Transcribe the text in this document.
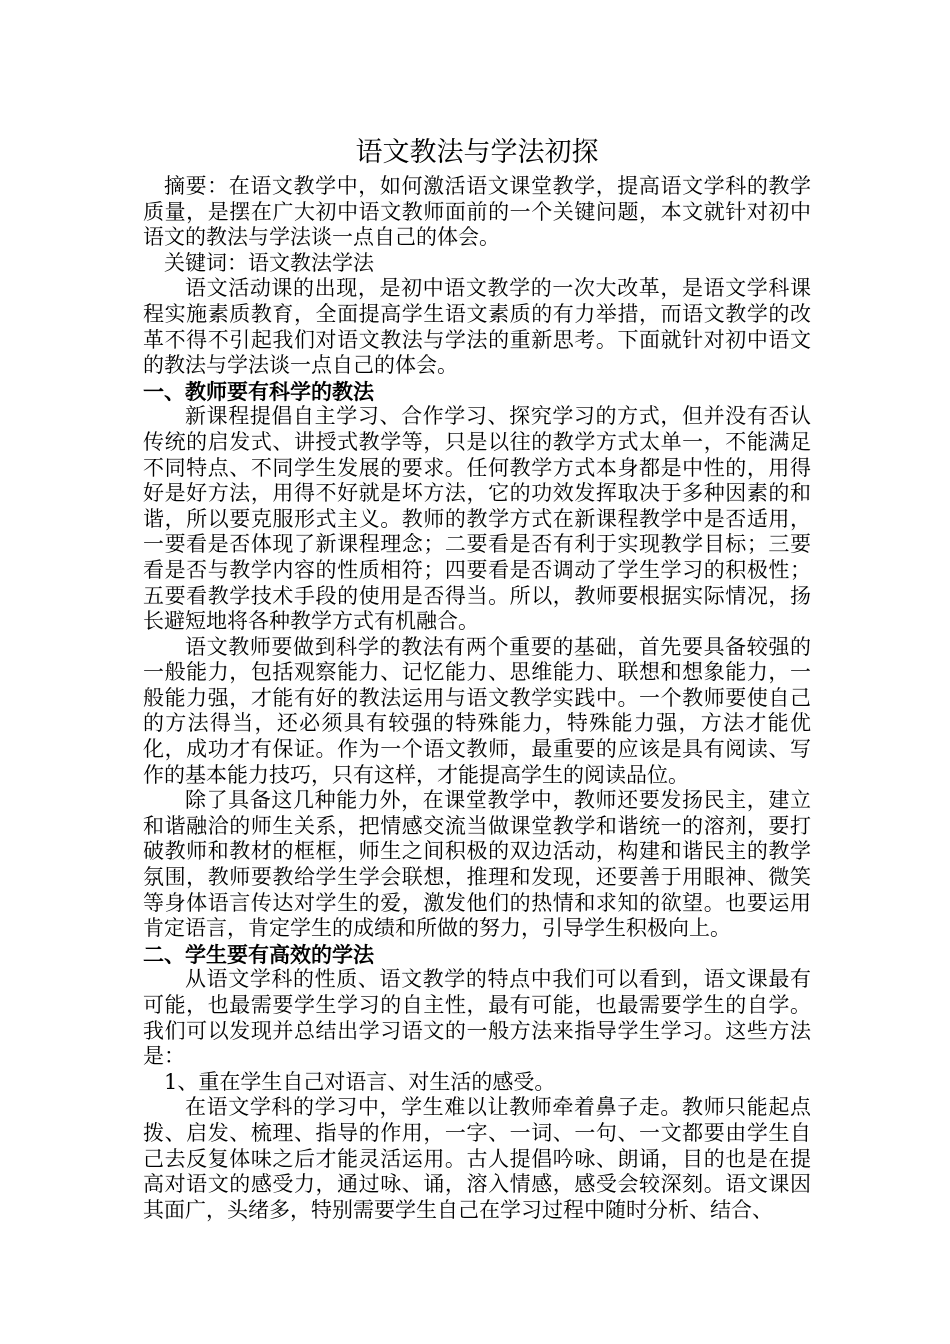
语文教法与学法初探

摘要：在语文教学中，如何激活语文课堂教学，提高语文学科的教学质量，是摆在广大初中语文教师面前的一个关键问题，本文就针对初中语文的教法与学法谈一点自己的体会。

关键词：语文教法学法

语文活动课的出现，是初中语文教学的一次大改革，是语文学科课程实施素质教育，全面提高学生语文素质的有力举措，而语文教学的改革不得不引起我们对语文教法与学法的重新思考。下面就针对初中语文的教法与学法谈一点自己的体会。

一、教师要有科学的教法

新课程提倡自主学习、合作学习、探究学习的方式，但并没有否认传统的启发式、讲授式教学等，只是以往的教学方式太单一，不能满足不同特点、不同学生发展的要求。任何教学方式本身都是中性的，用得好是好方法，用得不好就是坏方法，它的功效发挥取决于多种因素的和谐，所以要克服形式主义。教师的教学方式在新课程教学中是否适用，一要看是否体现了新课程理念；二要看是否有利于实现教学目标；三要看是否与教学内容的性质相符；四要看是否调动了学生学习的积极性；五要看教学技术手段的使用是否得当。所以，教师要根据实际情况，扬长避短地将各种教学方式有机融合。

语文教师要做到科学的教法有两个重要的基础，首先要具备较强的一般能力，包括观察能力、记忆能力、思维能力、联想和想象能力，一般能力强，才能有好的教法运用与语文教学实践中。一个教师要使自己的方法得当，还必须具有较强的特殊能力，特殊能力强，方法才能优化，成功才有保证。作为一个语文教师，最重要的应该是具有阅读、写作的基本能力技巧，只有这样，才能提高学生的阅读品位。

除了具备这几种能力外，在课堂教学中，教师还要发扬民主，建立和谐融洽的师生关系，把情感交流当做课堂教学和谐统一的溶剂，要打破教师和教材的框框，师生之间积极的双边活动，构建和谐民主的教学氛围，教师要教给学生学会联想，推理和发现，还要善于用眼神、微笑等身体语言传达对学生的爱，激发他们的热情和求知的欲望。也要运用肯定语言，肯定学生的成绩和所做的努力，引导学生积极向上。

二、学生要有高效的学法

从语文学科的性质、语文教学的特点中我们可以看到，语文课最有可能，也最需要学生学习的自主性，最有可能，也最需要学生的自学。我们可以发现并总结出学习语文的一般方法来指导学生学习。这些方法是：

1、重在学生自己对语言、对生活的感受。

在语文学科的学习中，学生难以让教师牵着鼻子走。教师只能起点拨、启发、梳理、指导的作用，一字、一词、一句、一文都要由学生自己去反复体味之后才能灵活运用。古人提倡吟咏、朗诵，目的也是在提高对语文的感受力，通过咏、诵，溶入情感，感受会较深刻。语文课因其面广，头绪多，特别需要学生自己在学习过程中随时分析、结合、
